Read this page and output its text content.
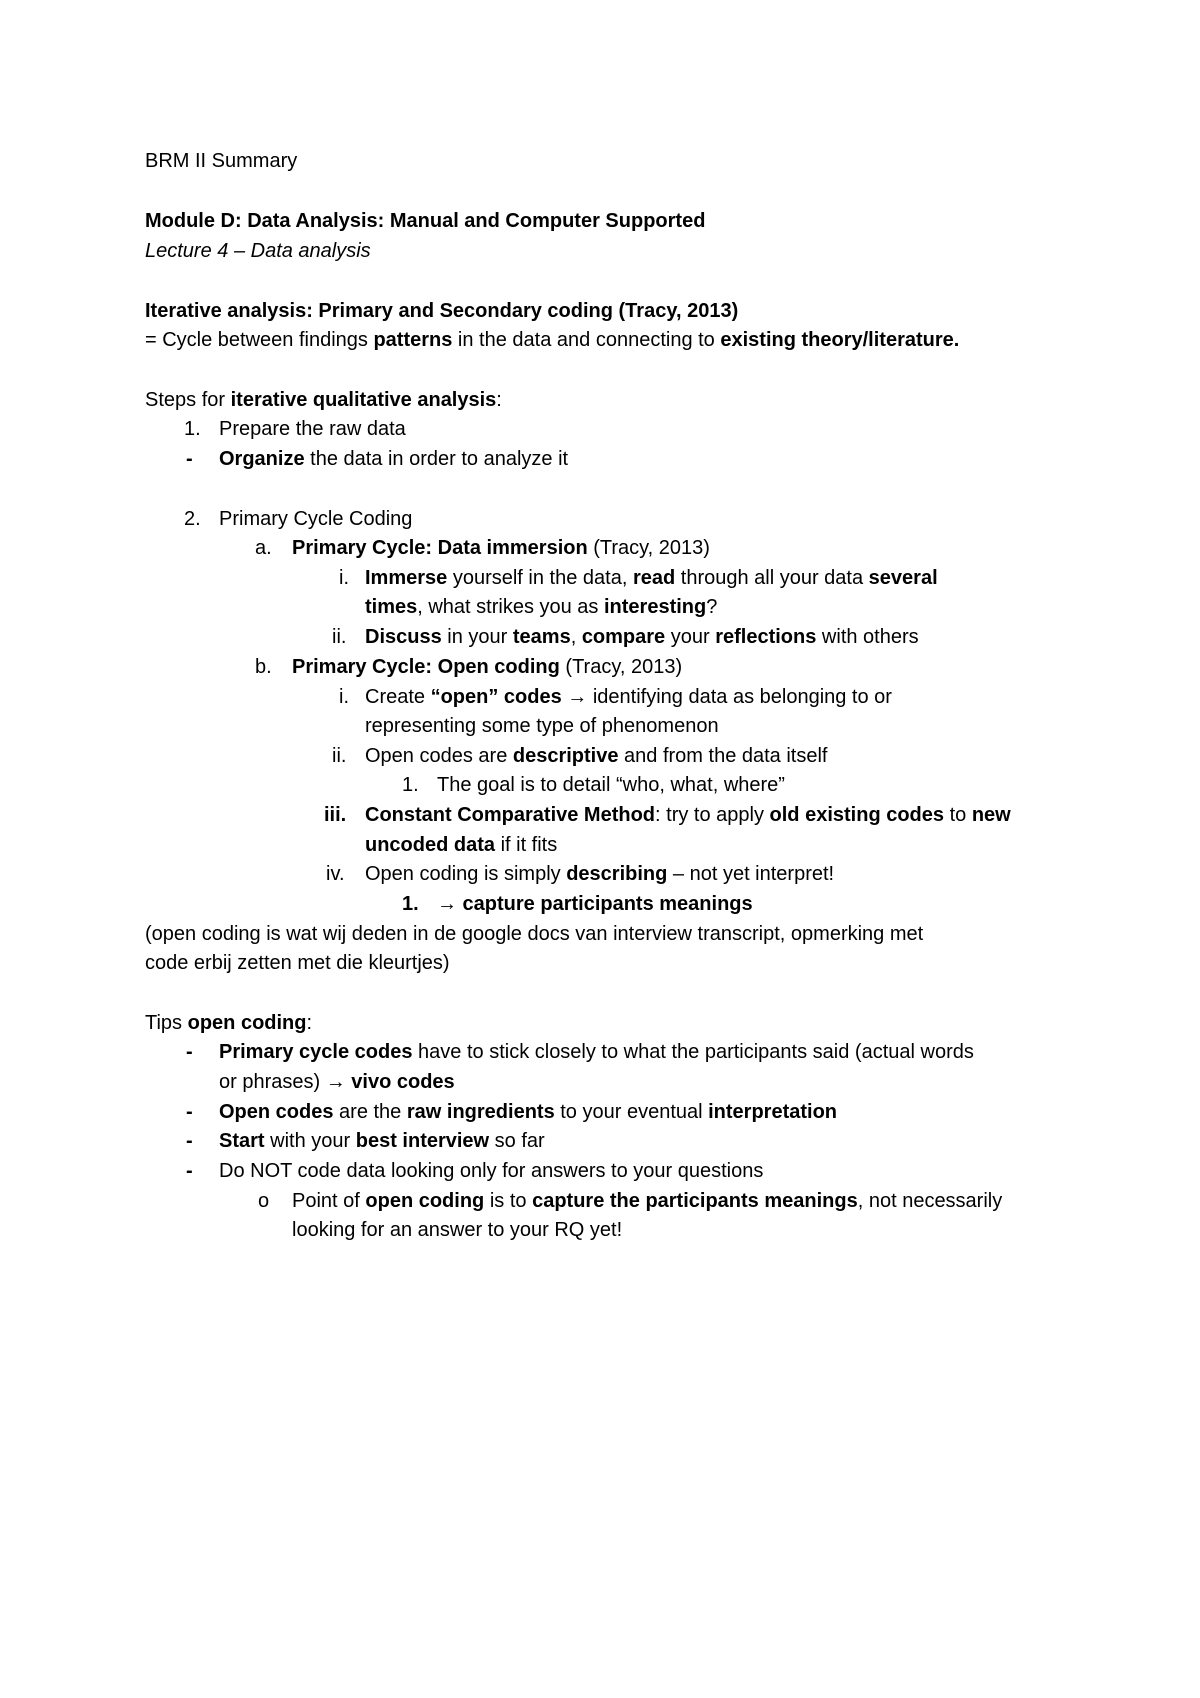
BRM II Summary
Module D: Data Analysis: Manual and Computer Supported
Lecture 4 – Data analysis
Iterative analysis: Primary and Secondary coding (Tracy, 2013)
= Cycle between findings patterns in the data and connecting to existing theory/literature.
Steps for iterative qualitative analysis:
1. Prepare the raw data
- Organize the data in order to analyze it
2. Primary Cycle Coding
a. Primary Cycle: Data immersion (Tracy, 2013)
i. Immerse yourself in the data, read through all your data several
times, what strikes you as interesting?
ii. Discuss in your teams, compare your reflections with others
b. Primary Cycle: Open coding (Tracy, 2013)
i. Create “open” codes → identifying data as belonging to or
representing some type of phenomenon
ii. Open codes are descriptive and from the data itself
1. The goal is to detail “who, what, where”
iii. Constant Comparative Method: try to apply old existing codes to new
uncoded data if it fits
iv. Open coding is simply describing – not yet interpret!
1. → capture participants meanings
(open coding is wat wij deden in de google docs van interview transcript, opmerking met
code erbij zetten met die kleurtjes)
Tips open coding:
- Primary cycle codes have to stick closely to what the participants said (actual words
or phrases) → vivo codes
- Open codes are the raw ingredients to your eventual interpretation
- Start with your best interview so far
- Do NOT code data looking only for answers to your questions
o Point of open coding is to capture the participants meanings, not necessarily
looking for an answer to your RQ yet!
